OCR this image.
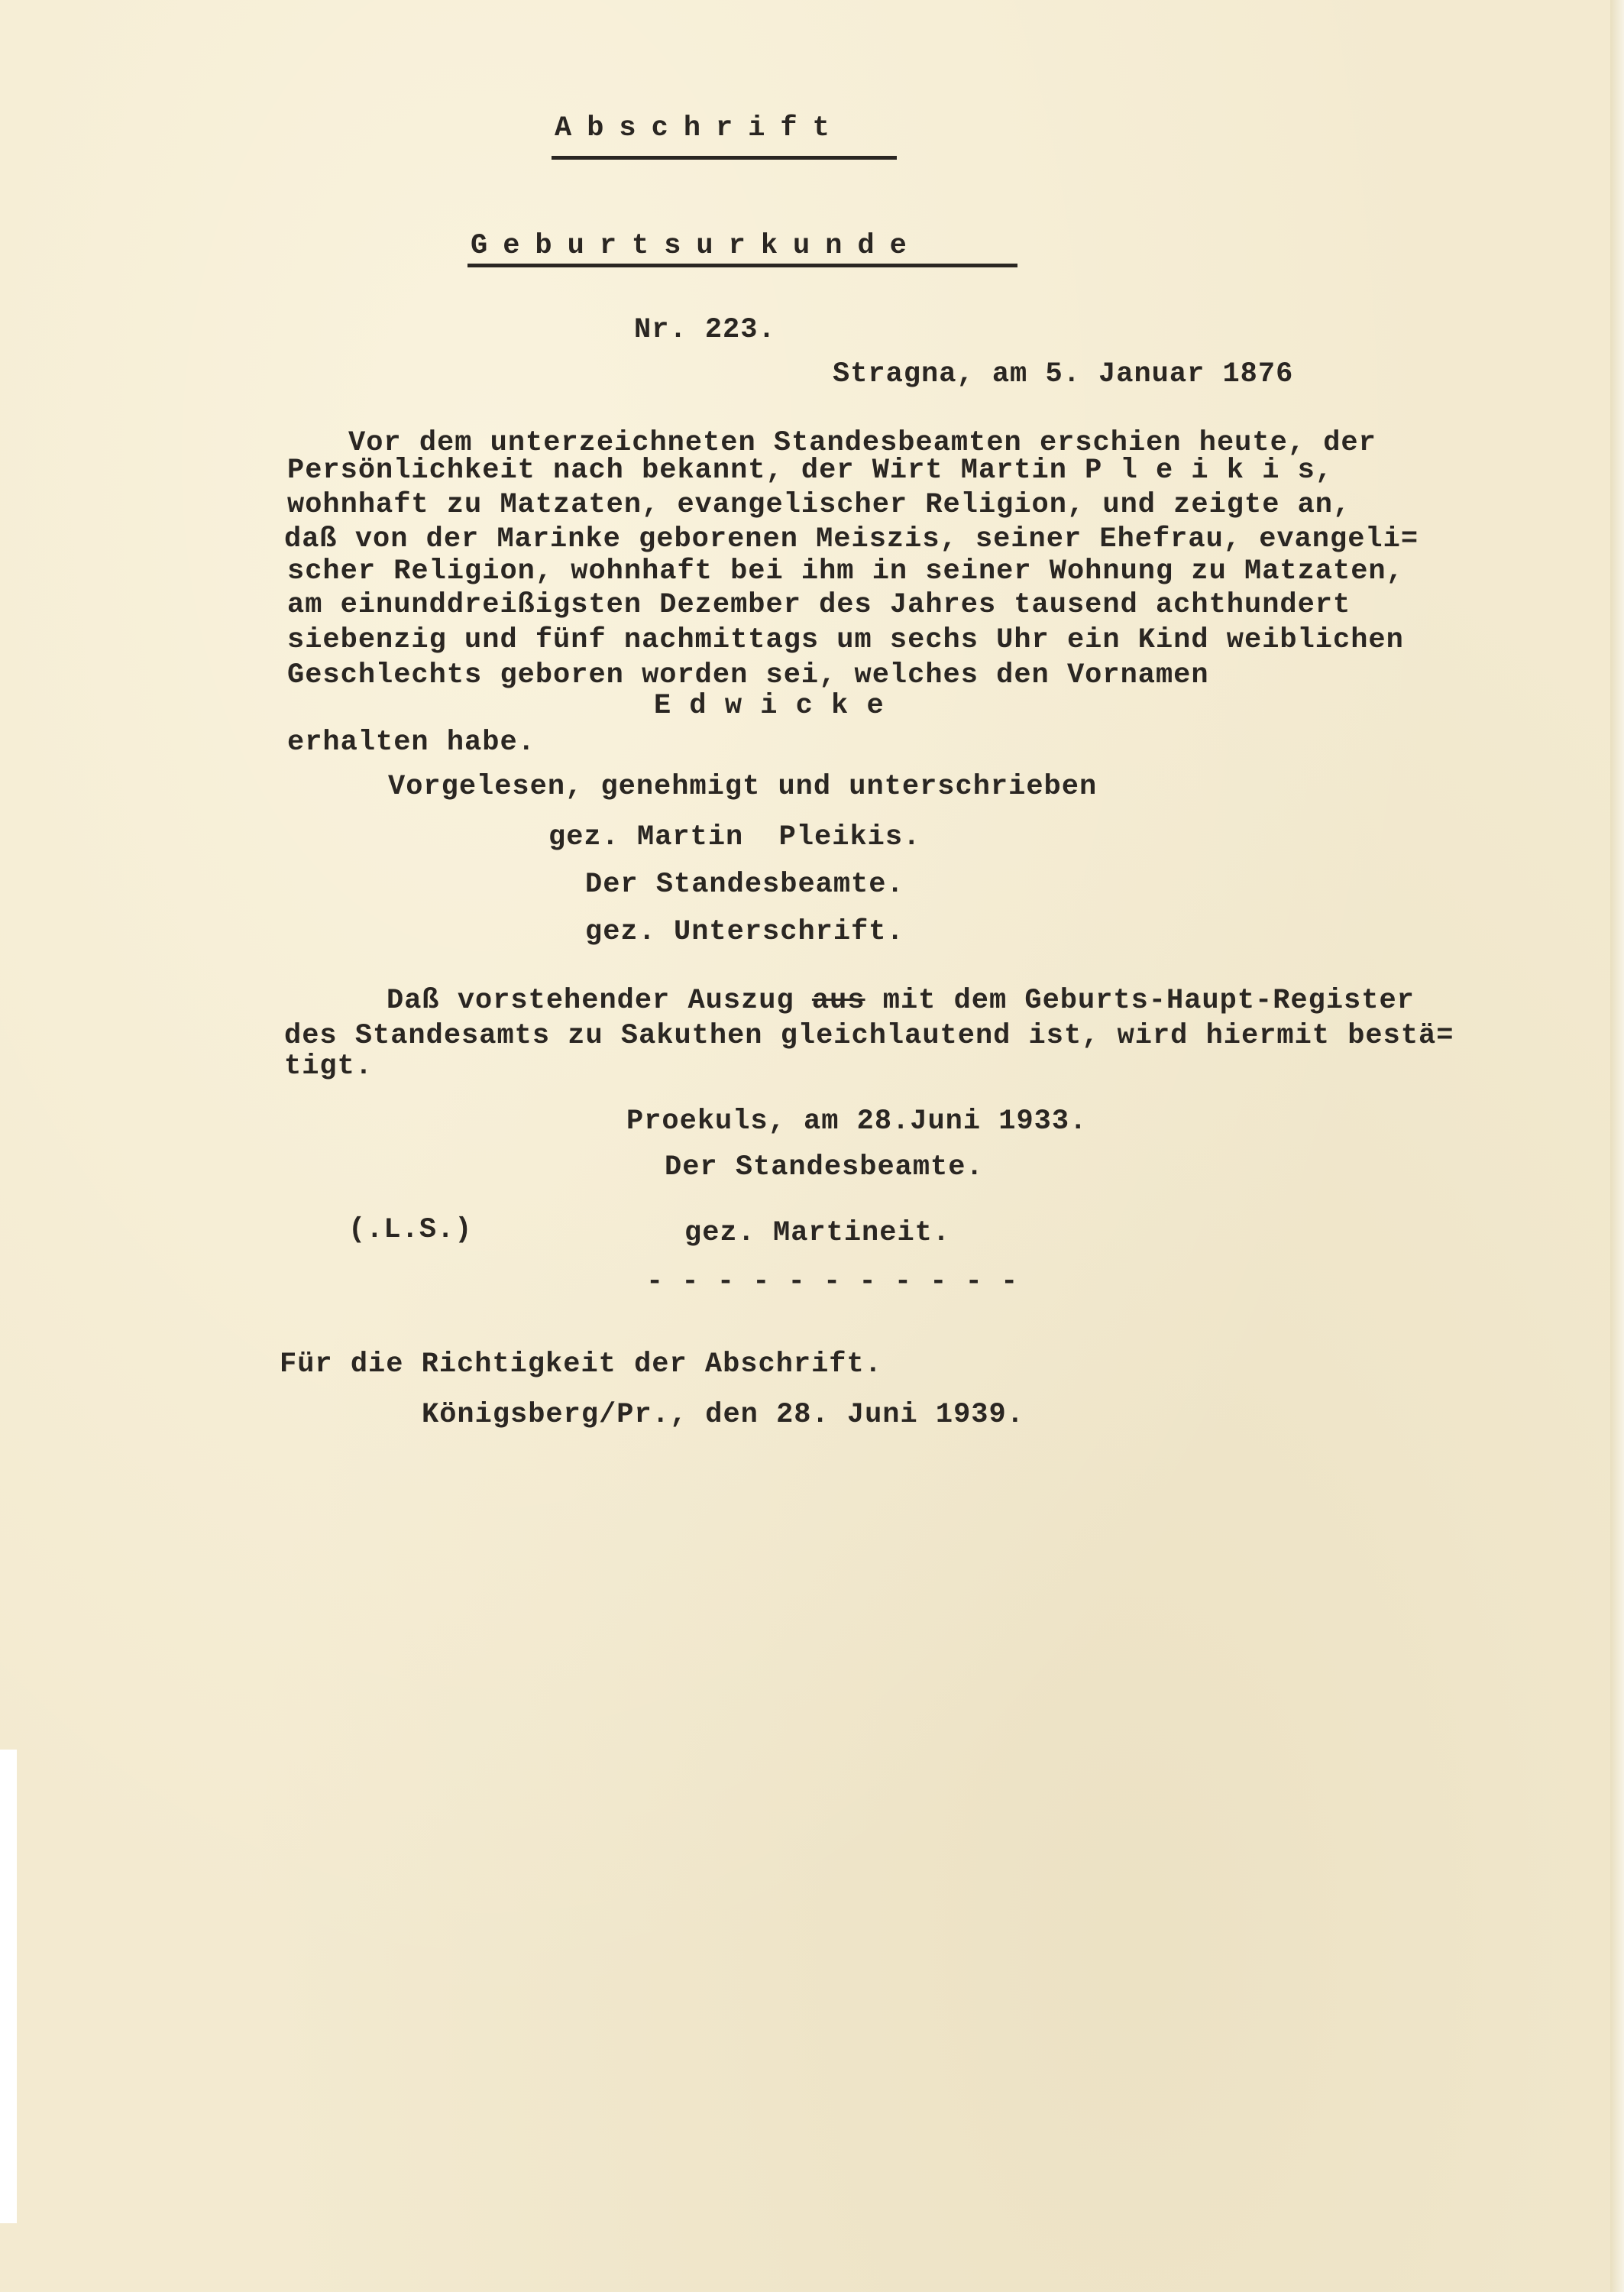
Abschrift
Geburtsurkunde
Nr. 223.
Stragna, am 5. Januar 1876
Vor dem unterzeichneten Standesbeamten erschien heute, der
Persönlichkeit nach bekannt, der Wirt Martin P l e i k i s,
wohnhaft zu Matzaten, evangelischer Religion, und zeigte an,
daß von der Marinke geborenen Meiszis, seiner Ehefrau, evangeli=
scher Religion, wohnhaft bei ihm in seiner Wohnung zu Matzaten,
am einunddreißigsten Dezember des Jahres tausend achthundert
siebenzig und fünf nachmittags um sechs Uhr ein Kind weiblichen
Geschlechts geboren worden sei, welches den Vornamen
E d w i c k e
erhalten habe.
Vorgelesen, genehmigt und unterschrieben
gez. Martin  Pleikis.
Der Standesbeamte.
gez. Unterschrift.
Daß vorstehender Auszug aus mit dem Geburts-Haupt-Register
des Standesamts zu Sakuthen gleichlautend ist, wird hiermit bestä=
tigt.
Proekuls, am 28.Juni 1933.
Der Standesbeamte.
(.L.S.)	gez. Martineit.
- - - - - - - - - - -
Für die Richtigkeit der Abschrift.
Königsberg/Pr., den 28. Juni 1939.
